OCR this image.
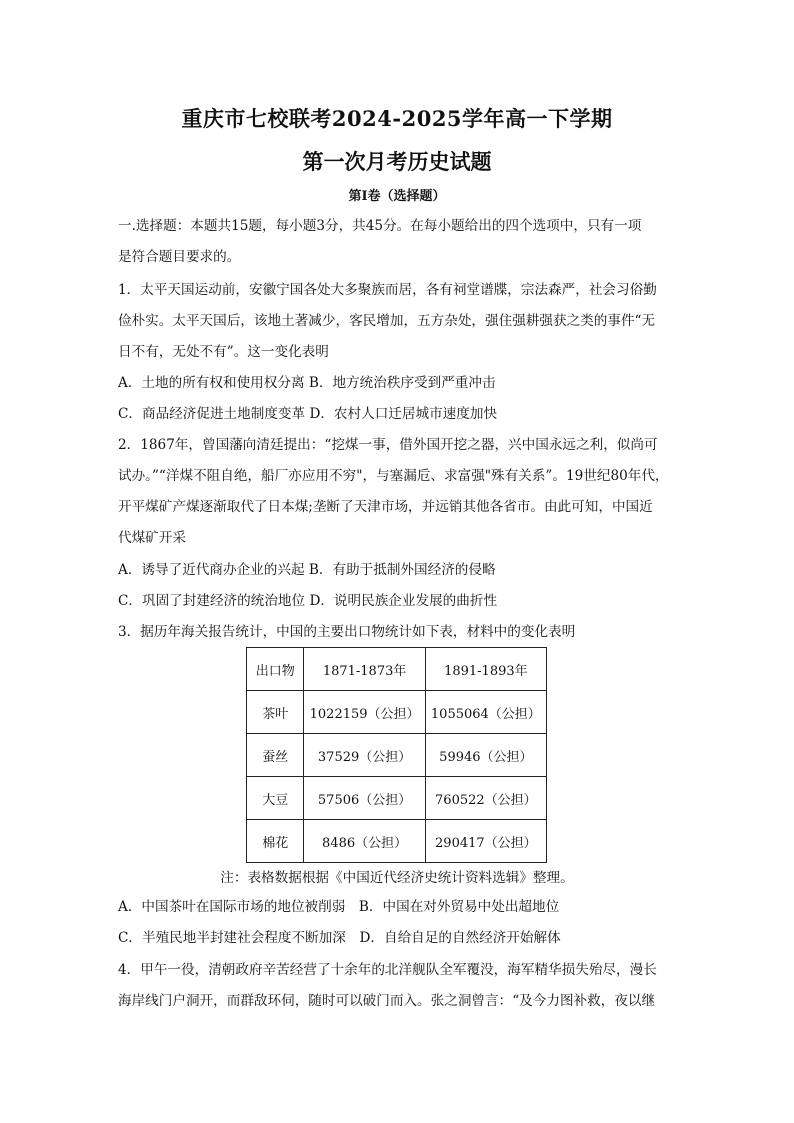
重庆市七校联考2024-2025学年高一下学期
第一次月考历史试题
第Ⅰ卷（选择题）
一.选择题：本题共15题，每小题3分，共45分。在每小题给出的四个选项中，只有一项
是符合题目要求的。
1．太平天国运动前，安徽宁国各处大多聚族而居，各有祠堂谱牒，宗法森严，社会习俗勤
俭朴实。太平天国后，该地土著减少，客民增加，五方杂处，强住强耕强获之类的事件“无
日不有，无处不有”。这一变化表明
A．土地的所有权和使用权分离 B．地方统治秩序受到严重冲击
C．商品经济促进土地制度变革 D．农村人口迁居城市速度加快
2．1867年，曾国藩向清廷提出：“挖煤一事，借外国开挖之器，兴中国永远之利，似尚可
试办。”“洋煤不阻自绝，船厂亦应用不穷"，与塞漏卮、求富强"殊有关系”。19世纪80年代，
开平煤矿产煤逐渐取代了日本煤;垄断了天津市场，并远销其他各省市。由此可知，中国近
代煤矿开采
A．诱导了近代商办企业的兴起 B．有助于抵制外国经济的侵略
C．巩固了封建经济的统治地位 D．说明民族企业发展的曲折性
3．据历年海关报告统计，中国的主要出口物统计如下表，材料中的变化表明
出口物	1871-1873年	1891-1893年
茶叶	1022159（公担）	1055064（公担）
蚕丝	37529（公担）	59946（公担）
大豆	57506（公担）	760522（公担）
棉花	8486（公担）	290417（公担）
注：表格数据根据《中国近代经济史统计资料选辑》整理。
A．中国茶叶在国际市场的地位被削弱　B．中国在对外贸易中处出超地位
C．半殖民地半封建社会程度不断加深　D．自给自足的自然经济开始解体
4．甲午一役，清朝政府辛苦经营了十余年的北洋舰队全军覆没，海军精华损失殆尽，漫长
海岸线门户洞开，而群敌环伺，随时可以破门而入。张之洞曾言：“及今力图补救，夜以继
